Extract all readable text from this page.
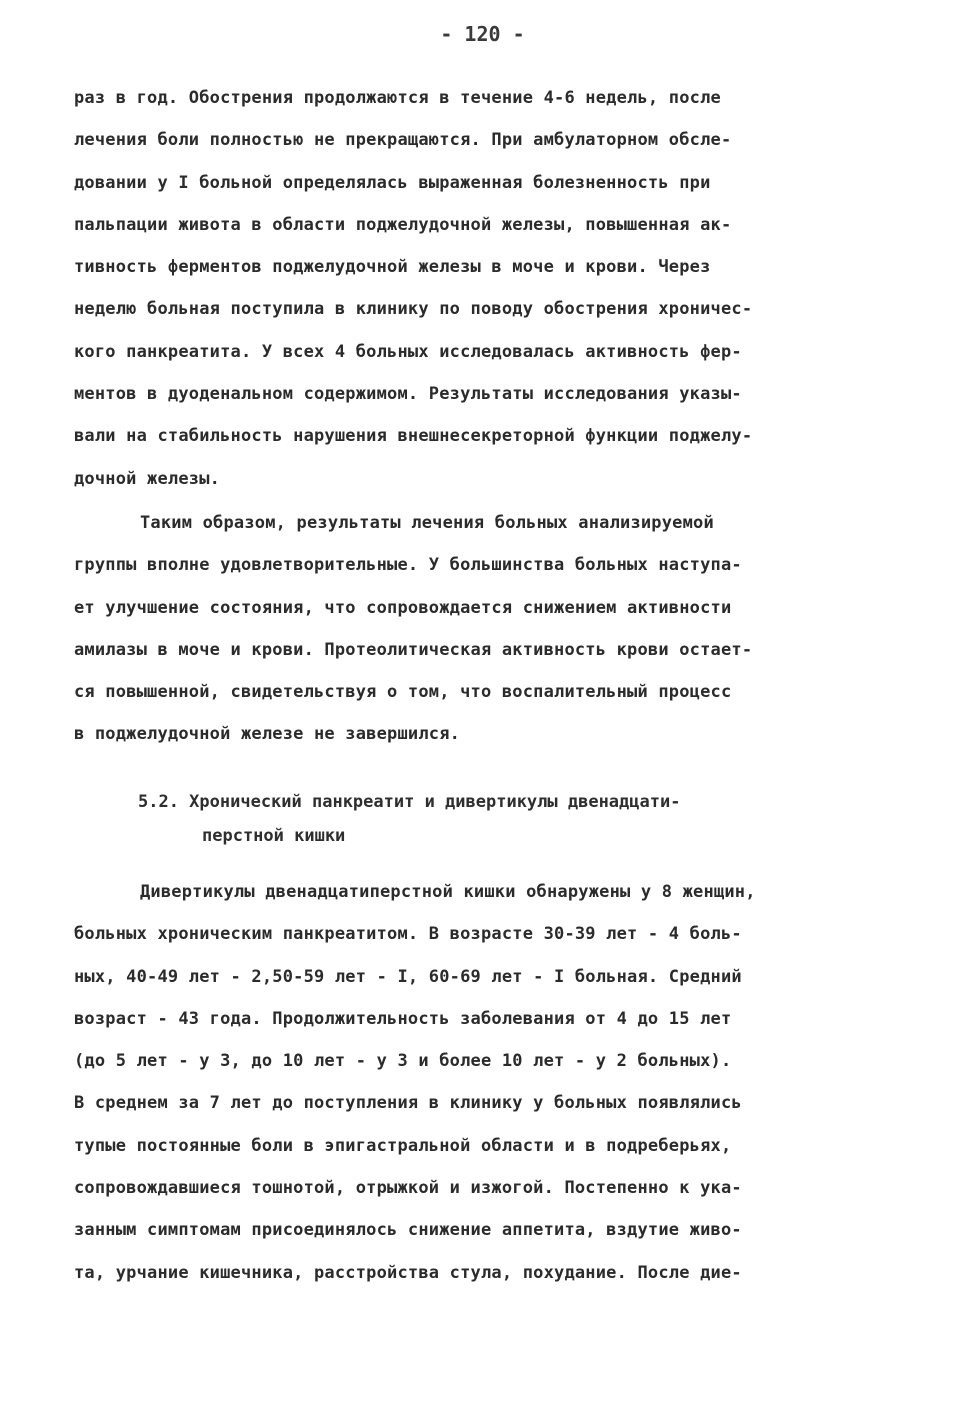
- 120 -
раз в год. Обострения продолжаются в течение 4-6 недель, после
лечения боли полностью не прекращаются. При амбулаторном обсле-
довании у I больной определялась выраженная болезненность при
пальпации живота в области поджелудочной железы, повышенная ак-
тивность ферментов поджелудочной железы в моче и крови. Через
неделю больная поступила в клинику по поводу обострения хроничес-
кого панкреатита. У всех 4 больных исследовалась активность фер-
ментов в дуоденальном содержимом. Результаты исследования указы-
вали на стабильность нарушения внешнесекреторной функции поджелу-
дочной железы.
Таким образом, результаты лечения больных анализируемой
группы вполне удовлетворительные. У большинства больных наступа-
ет улучшение состояния, что сопровождается снижением активности
амилазы в моче и крови. Протеолитическая активность крови остает-
ся повышенной, свидетельствуя о том, что воспалительный процесс
в поджелудочной железе не завершился.
5.2. Хронический панкреатит и дивертикулы двенадцати-
перстной кишки
Дивертикулы двенадцатиперстной кишки обнаружены у 8 женщин,
больных хроническим панкреатитом. В возрасте 30-39 лет - 4 боль-
ных, 40-49 лет - 2,50-59 лет - I, 60-69 лет - I больная. Средний
возраст - 43 года. Продолжительность заболевания от 4 до 15 лет
(до 5 лет - у 3, до 10 лет - у 3 и более 10 лет - у 2 больных).
В среднем за 7 лет до поступления в клинику у больных появлялись
тупые постоянные боли в эпигастральной области и в подреберьях,
сопровождавшиеся тошнотой, отрыжкой и изжогой. Постепенно к ука-
занным симптомам присоединялось снижение аппетита, вздутие живо-
та, урчание кишечника, расстройства стула, похудание. После дие-
